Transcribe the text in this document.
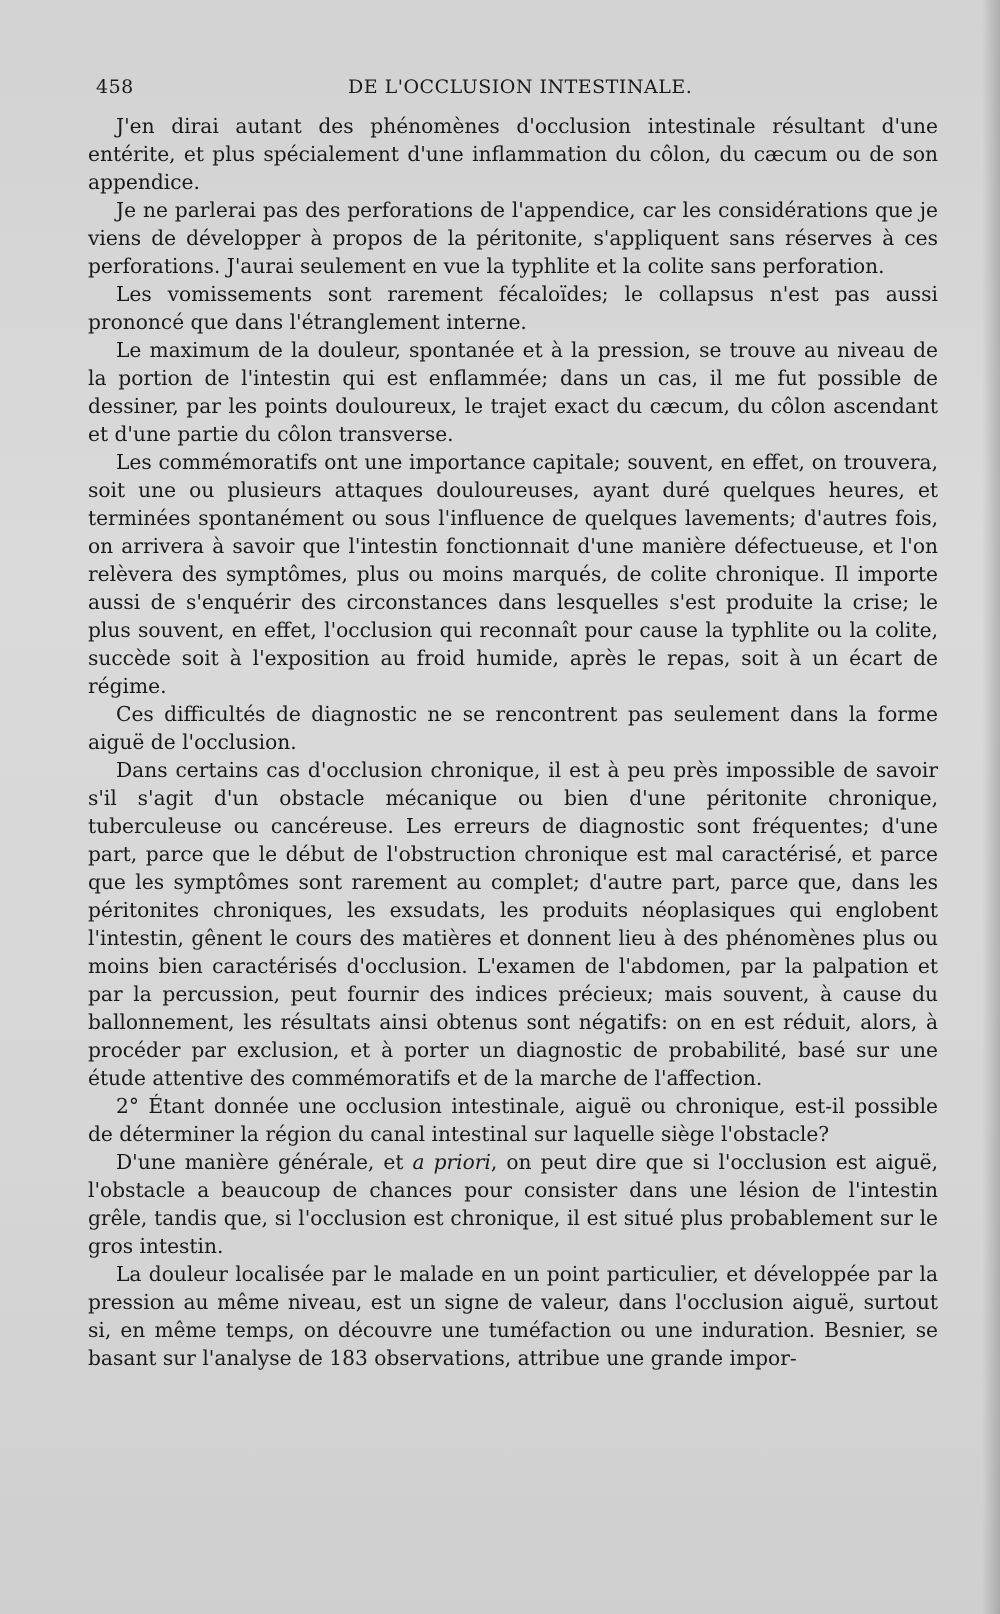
458	DE L'OCCLUSION INTESTINALE.

J'en dirai autant des phénomènes d'occlusion intestinale résultant d'une entérite, et plus spécialement d'une inflammation du côlon, du cæcum ou de son appendice.

Je ne parlerai pas des perforations de l'appendice, car les considérations que je viens de développer à propos de la péritonite, s'appliquent sans réserves à ces perforations. J'aurai seulement en vue la typhlite et la colite sans perforation.

Les vomissements sont rarement fécaloïdes; le collapsus n'est pas aussi prononcé que dans l'étranglement interne.

Le maximum de la douleur, spontanée et à la pression, se trouve au niveau de la portion de l'intestin qui est enflammée; dans un cas, il me fut possible de dessiner, par les points douloureux, le trajet exact du cæcum, du côlon ascendant et d'une partie du côlon transverse.

Les commémoratifs ont une importance capitale; souvent, en effet, on trouvera, soit une ou plusieurs attaques douloureuses, ayant duré quelques heures, et terminées spontanément ou sous l'influence de quelques lavements; d'autres fois, on arrivera à savoir que l'intestin fonctionnait d'une manière défectueuse, et l'on relèvera des symptômes, plus ou moins marqués, de colite chronique. Il importe aussi de s'enquérir des circonstances dans lesquelles s'est produite la crise; le plus souvent, en effet, l'occlusion qui reconnaît pour cause la typhlite ou la colite, succède soit à l'exposition au froid humide, après le repas, soit à un écart de régime.

Ces difficultés de diagnostic ne se rencontrent pas seulement dans la forme aiguë de l'occlusion.

Dans certains cas d'occlusion chronique, il est à peu près impossible de savoir s'il s'agit d'un obstacle mécanique ou bien d'une péritonite chronique, tuberculeuse ou cancéreuse. Les erreurs de diagnostic sont fréquentes; d'une part, parce que le début de l'obstruction chronique est mal caractérisé, et parce que les symptômes sont rarement au complet; d'autre part, parce que, dans les péritonites chroniques, les exsudats, les produits néoplasiques qui englobent l'intestin, gênent le cours des matières et donnent lieu à des phénomènes plus ou moins bien caractérisés d'occlusion. L'examen de l'abdomen, par la palpation et par la percussion, peut fournir des indices précieux; mais souvent, à cause du ballonnement, les résultats ainsi obtenus sont négatifs: on en est réduit, alors, à procéder par exclusion, et à porter un diagnostic de probabilité, basé sur une étude attentive des commémoratifs et de la marche de l'affection.

2° Étant donnée une occlusion intestinale, aiguë ou chronique, est-il possible de déterminer la région du canal intestinal sur laquelle siège l'obstacle?

D'une manière générale, et a priori, on peut dire que si l'occlusion est aiguë, l'obstacle a beaucoup de chances pour consister dans une lésion de l'intestin grêle, tandis que, si l'occlusion est chronique, il est situé plus probablement sur le gros intestin.

La douleur localisée par le malade en un point particulier, et développée par la pression au même niveau, est un signe de valeur, dans l'occlusion aiguë, surtout si, en même temps, on découvre une tuméfaction ou une induration. Besnier, se basant sur l'analyse de 183 observations, attribue une grande impor-
